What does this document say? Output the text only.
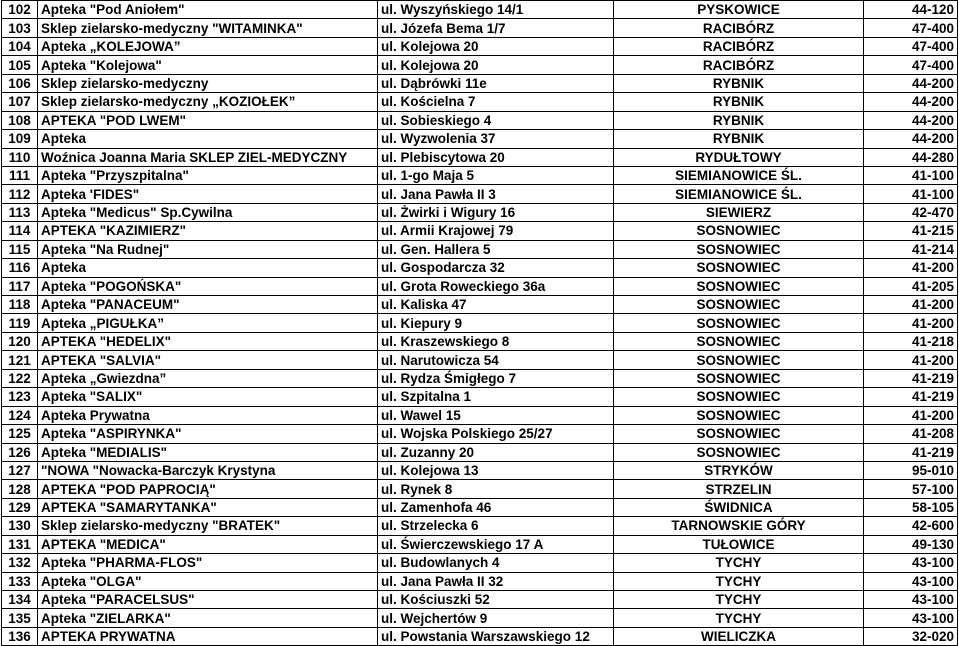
102	Apteka "Pod Aniołem"	ul. Wyszyńskiego 14/1	PYSKOWICE	44-120
103	Sklep zielarsko-medyczny "WITAMINKA"	ul. Józefa Bema 1/7	RACIBÓRZ	47-400
104	Apteka „KOLEJOWA”	ul. Kolejowa 20	RACIBÓRZ	47-400
105	Apteka "Kolejowa"	ul. Kolejowa 20	RACIBÓRZ	47-400
106	Sklep zielarsko-medyczny	ul. Dąbrówki 11e	RYBNIK	44-200
107	Sklep zielarsko-medyczny „KOZIOŁEK”	ul. Kościelna 7	RYBNIK	44-200
108	APTEKA "POD LWEM"	ul. Sobieskiego 4	RYBNIK	44-200
109	Apteka	ul. Wyzwolenia 37	RYBNIK	44-200
110	Woźnica Joanna Maria SKLEP ZIEL-MEDYCZNY	ul. Plebiscytowa 20	RYDUŁTOWY	44-280
111	Apteka "Przyszpitalna"	ul. 1-go Maja 5	SIEMIANOWICE ŚL.	41-100
112	Apteka 'FIDES"	ul. Jana Pawła II 3	SIEMIANOWICE ŚL.	41-100
113	Apteka "Medicus" Sp.Cywilna	ul. Żwirki i Wigury 16	SIEWIERZ	42-470
114	APTEKA "KAZIMIERZ"	ul. Armii Krajowej 79	SOSNOWIEC	41-215
115	Apteka "Na Rudnej"	ul. Gen. Hallera 5	SOSNOWIEC	41-214
116	Apteka	ul. Gospodarcza 32	SOSNOWIEC	41-200
117	Apteka "POGOŃSKA"	ul. Grota Roweckiego 36a	SOSNOWIEC	41-205
118	Apteka "PANACEUM"	ul. Kaliska 47	SOSNOWIEC	41-200
119	Apteka „PIGUŁKA”	ul. Kiepury 9	SOSNOWIEC	41-200
120	APTEKA "HEDELIX"	ul. Kraszewskiego 8	SOSNOWIEC	41-218
121	APTEKA "SALVIA"	ul. Narutowicza 54	SOSNOWIEC	41-200
122	Apteka „Gwiezdna”	ul. Rydza Śmigłego 7	SOSNOWIEC	41-219
123	Apteka "SALIX"	ul. Szpitalna 1	SOSNOWIEC	41-219
124	Apteka Prywatna	ul. Wawel 15	SOSNOWIEC	41-200
125	Apteka "ASPIRYNKA"	ul. Wojska Polskiego 25/27	SOSNOWIEC	41-208
126	Apteka "MEDIALIS"	ul. Zuzanny 20	SOSNOWIEC	41-219
127	"NOWA "Nowacka-Barczyk Krystyna	ul. Kolejowa 13	STRYKÓW	95-010
128	APTEKA "POD PAPROCIĄ"	ul. Rynek 8	STRZELIN	57-100
129	APTEKA "SAMARYTANKA"	ul. Zamenhofa 46	ŚWIDNICA	58-105
130	Sklep zielarsko-medyczny "BRATEK"	ul. Strzelecka 6	TARNOWSKIE GÓRY	42-600
131	APTEKA "MEDICA"	ul. Świerczewskiego 17 A	TUŁOWICE	49-130
132	Apteka "PHARMA-FLOS"	ul. Budowlanych 4	TYCHY	43-100
133	Apteka "OLGA"	ul. Jana Pawła II 32	TYCHY	43-100
134	Apteka "PARACELSUS"	ul. Kościuszki 52	TYCHY	43-100
135	Apteka "ZIELARKA"	ul. Wejchertów 9	TYCHY	43-100
136	APTEKA PRYWATNA	ul. Powstania Warszawskiego 12	WIELICZKA	32-020
